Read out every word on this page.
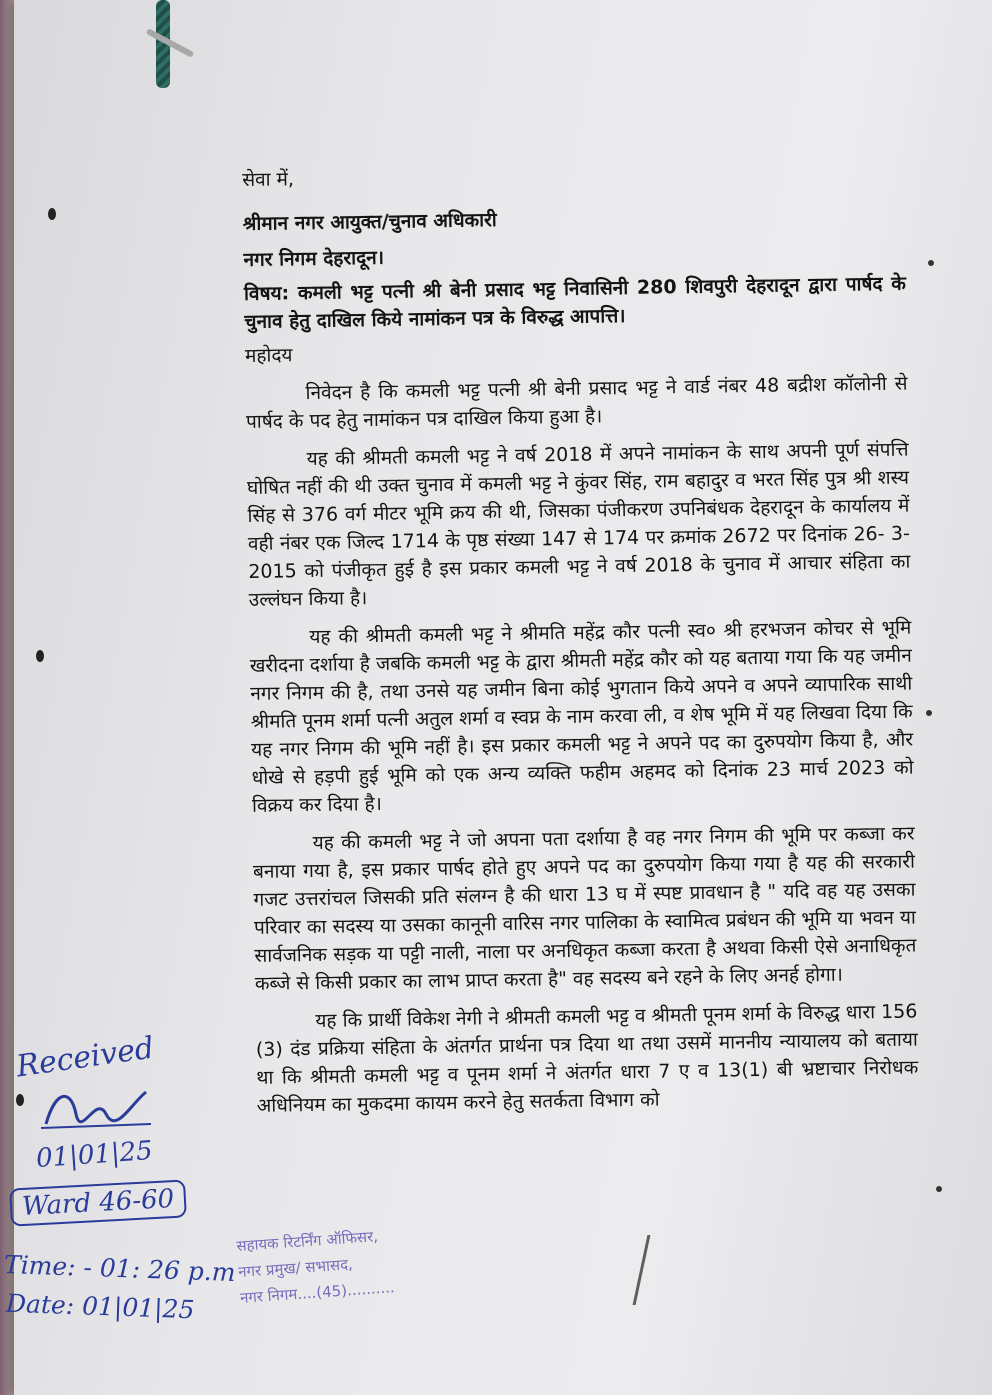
सेवा में,

श्रीमान नगर आयुक्त/चुनाव अधिकारी

नगर निगम देहरादून।

विषय: कमली भट्ट पत्नी श्री बेनी प्रसाद भट्ट निवासिनी 280 शिवपुरी देहरादून द्वारा पार्षद के चुनाव हेतु दाखिल किये नामांकन पत्र के विरुद्ध आपत्ति।

महोदय

निवेदन है कि कमली भट्ट पत्नी श्री बेनी प्रसाद भट्ट ने वार्ड नंबर 48 बद्रीश कॉलोनी से पार्षद के पद हेतु नामांकन पत्र दाखिल किया हुआ है।

यह की श्रीमती कमली भट्ट ने वर्ष 2018 में अपने नामांकन के साथ अपनी पूर्ण संपत्ति घोषित नहीं की थी उक्त चुनाव में कमली भट्ट ने कुंवर सिंह, राम बहादुर व भरत सिंह पुत्र श्री शस्य सिंह से 376 वर्ग मीटर भूमि क्रय की थी, जिसका पंजीकरण उपनिबंधक देहरादून के कार्यालय में वही नंबर एक जिल्द 1714 के पृष्ठ संख्या 147 से 174 पर क्रमांक 2672 पर दिनांक 26- 3- 2015 को पंजीकृत हुई है इस प्रकार कमली भट्ट ने वर्ष 2018 के चुनाव में आचार संहिता का उल्लंघन किया है।

यह की श्रीमती कमली भट्ट ने श्रीमति महेंद्र कौर पत्नी स्व० श्री हरभजन कोचर से भूमि खरीदना दर्शाया है जबकि कमली भट्ट के द्वारा श्रीमती महेंद्र कौर को यह बताया गया कि यह जमीन नगर निगम की है, तथा उनसे यह जमीन बिना कोई भुगतान किये अपने व अपने व्यापारिक साथी श्रीमति पूनम शर्मा पत्नी अतुल शर्मा व स्वप्न के नाम करवा ली, व शेष भूमि में यह लिखवा दिया कि यह नगर निगम की भूमि नहीं है। इस प्रकार कमली भट्ट ने अपने पद का दुरुपयोग किया है, और धोखे से हड़पी हुई भूमि को एक अन्य व्यक्ति फहीम अहमद को दिनांक 23 मार्च 2023 को विक्रय कर दिया है।

यह की कमली भट्ट ने जो अपना पता दर्शाया है वह नगर निगम की भूमि पर कब्जा कर बनाया गया है, इस प्रकार पार्षद होते हुए अपने पद का दुरुपयोग किया गया है यह की सरकारी गजट उत्तरांचल जिसकी प्रति संलग्न है की धारा 13 घ में स्पष्ट प्रावधान है " यदि वह यह उसका परिवार का सदस्य या उसका कानूनी वारिस नगर पालिका के स्वामित्व प्रबंधन की भूमि या भवन या सार्वजनिक सड़क या पट्टी नाली, नाला पर अनधिकृत कब्जा करता है अथवा किसी ऐसे अनाधिकृत कब्जे से किसी प्रकार का लाभ प्राप्त करता है" वह सदस्य बने रहने के लिए अनर्ह होगा।

यह कि प्रार्थी विकेश नेगी ने श्रीमती कमली भट्ट व श्रीमती पूनम शर्मा के विरुद्ध धारा 156 (3) दंड प्रक्रिया संहिता के अंतर्गत प्रार्थना पत्र दिया था तथा उसमें माननीय न्यायालय को बताया था कि श्रीमती कमली भट्ट व पूनम शर्मा ने अंतर्गत धारा 7 ए व 13(1) बी भ्रष्टाचार निरोधक अधिनियम का मुकदमा कायम करने हेतु सतर्कता विभाग को

Received
01|01|25
Ward 46-60
Time: - 01: 26 p.m
Date: 01|01|25
सहायक रिटर्निंग ऑफिसर,
नगर प्रमुख/ सभासद,
नगर निगम....(45)..........
